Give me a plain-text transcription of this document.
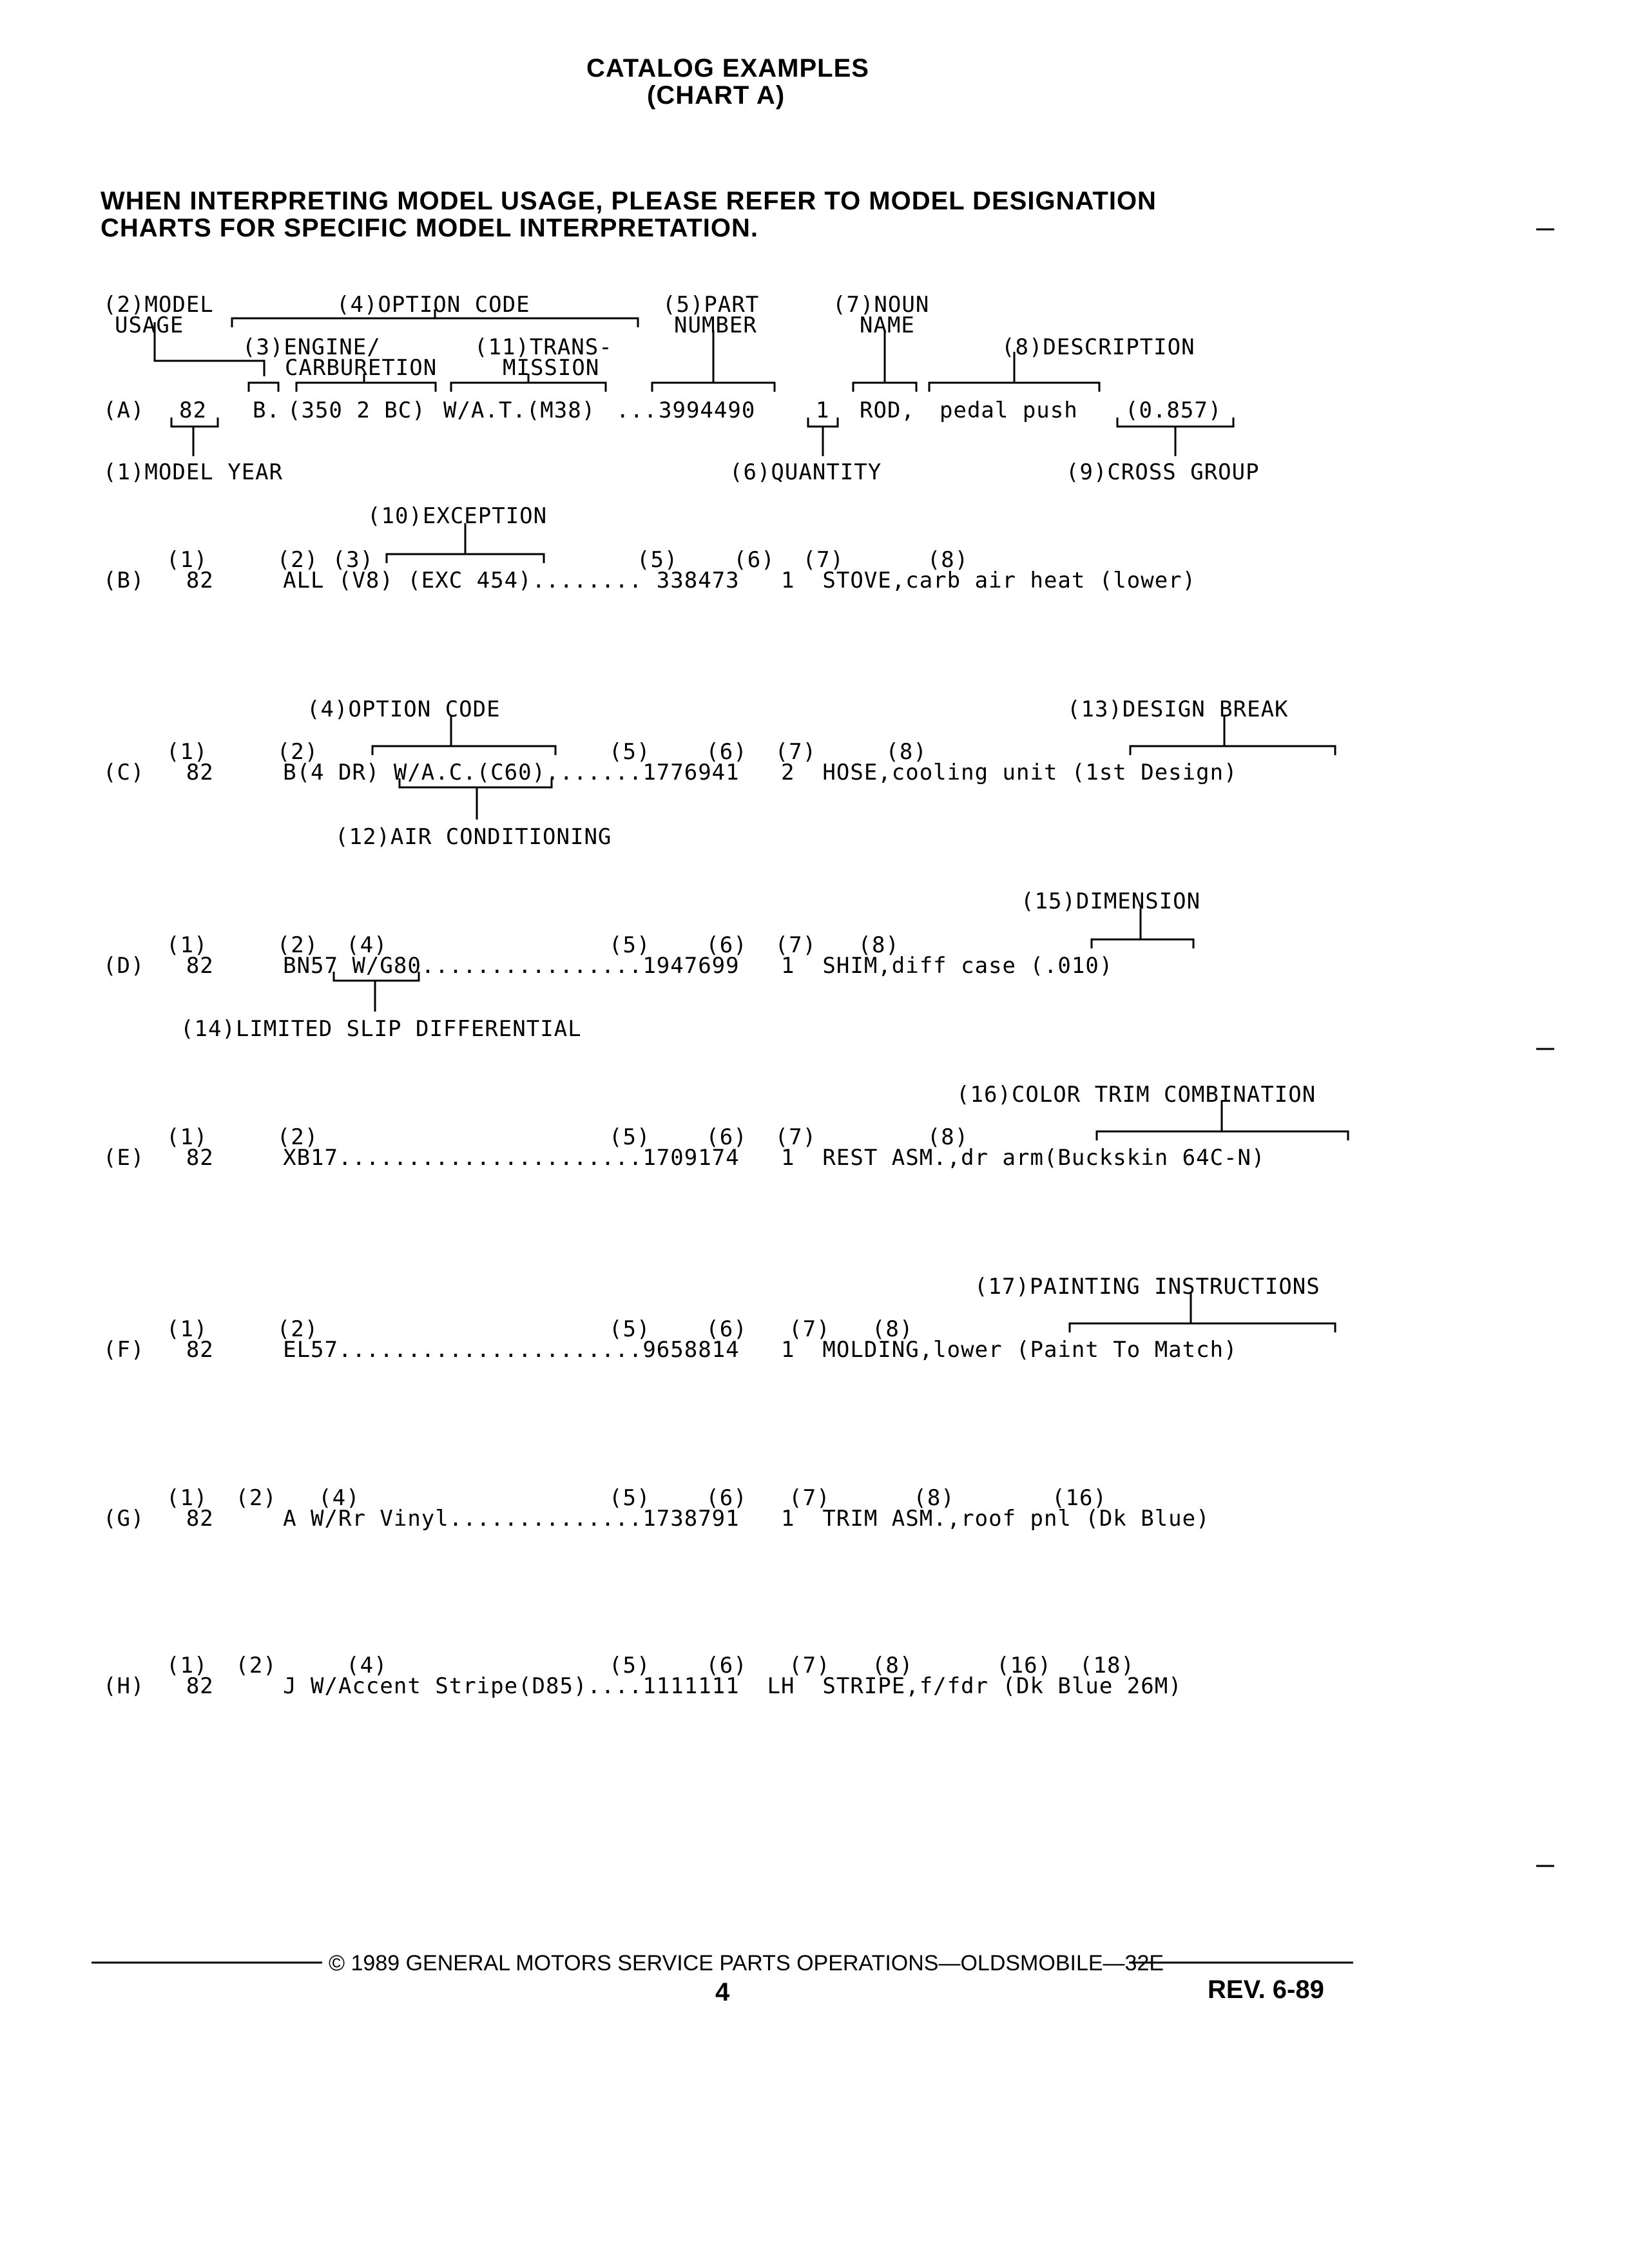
CATALOG EXAMPLES
(CHART A)
WHEN INTERPRETING MODEL USAGE, PLEASE REFER TO MODEL DESIGNATION
CHARTS FOR SPECIFIC MODEL INTERPRETATION.
(2)MODEL
USAGE
(4)OPTION CODE	(5)PART
NUMBER
(7)NOUN
NAME
(3)ENGINE/
CARBURETION
(11)TRANS-
MISSION
(8)DESCRIPTION
(A) 82 B. (350 2 BC) W/A.T.(M38) ... 3994490	1 ROD, pedal push (0.857)
(1)MODEL YEAR	(6)QUANTITY	(9)CROSS GROUP
(10)EXCEPTION
(1)     (2) (3)                   (5)    (6)  (7)      (8)
(B)   82     ALL (V8) (EXC 454)........ 338473   1  STOVE,carb air heat (lower)
(4)OPTION CODE	(13)DESIGN BREAK
(1)     (2)                     (5)    (6)  (7)     (8)
(C)   82     B(4 DR) W/A.C.(C60).......1776941   2  HOSE,cooling unit (1st Design)
(12)AIR CONDITIONING
(15)DIMENSION
(1)     (2)  (4)                (5)    (6)  (7)   (8)
(D)   82     BN57 W/G80................1947699   1  SHIM,diff case (.010)
(14)LIMITED SLIP DIFFERENTIAL
(16)COLOR TRIM COMBINATION
(1)     (2)                     (5)    (6)  (7)        (8)
(E)   82     XB17......................1709174   1  REST ASM.,dr arm(Buckskin 64C-N)
(17)PAINTING INSTRUCTIONS
(1)     (2)                     (5)    (6)   (7)   (8)
(F)   82     EL57......................9658814   1  MOLDING,lower (Paint To Match)
(1)  (2)   (4)                  (5)    (6)   (7)      (8)       (16)
(G)   82     A W/Rr Vinyl..............1738791   1  TRIM ASM.,roof pnl (Dk Blue)
(1)  (2)     (4)                (5)    (6)   (7)   (8)      (16)  (18)
(H)   82     J W/Accent Stripe(D85)....1111111  LH  STRIPE,f/fdr (Dk Blue 26M)
© 1989 GENERAL MOTORS SERVICE PARTS OPERATIONS—OLDSMOBILE—32E
4	REV. 6-89
